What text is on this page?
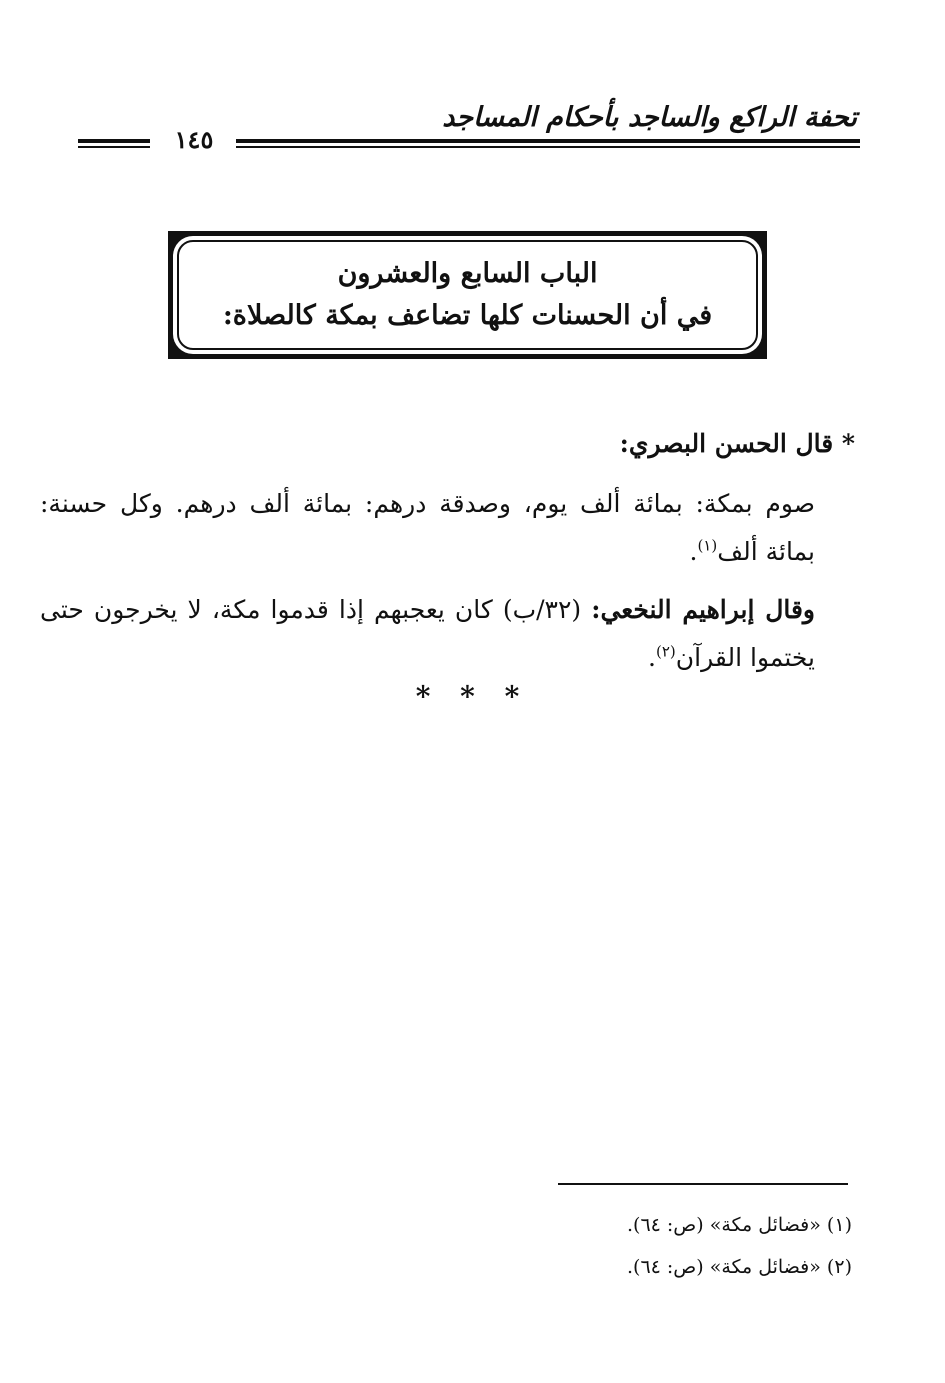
تحفة الراكع والساجد بأحكام المساجد
١٤٥
الباب السابع والعشرون
في أن الحسنات كلها تضاعف بمكة كالصلاة:
* قال الحسن البصري:
صوم بمكة: بمائة ألف يوم، وصدقة درهم: بمائة ألف درهم. وكل حسنة: بمائة ألف$^{(١)}$.
وقال إبراهيم النخعي: (٣٢/ب) كان يعجبهم إذا قدموا مكة، لا يخرجون حتى يختموا القرآن$^{(٢)}$.
* * *
(١) «فضائل مكة» (ص: ٦٤).
(٢) «فضائل مكة» (ص: ٦٤).
